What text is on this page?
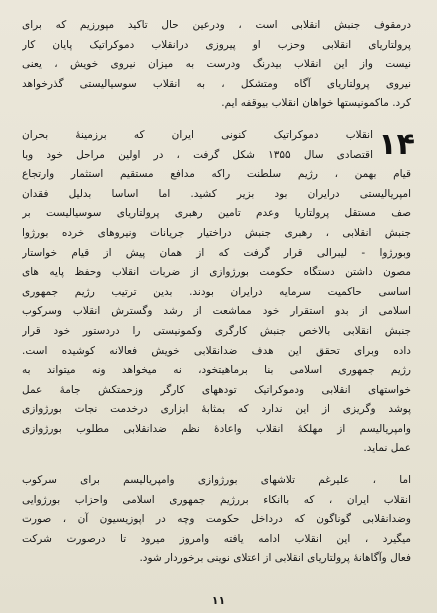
درمقوف جنبش انقلابی است ، ودرعین حال تاکید مپورزیم که برای
پرولتاریای انقلابی وحزب او پیروزی درانقلاب دموکراتیک پایان کار
نیست واز این انقلاب بیدرنگ ودرست به میزان نیروی خویش ، یعنی
نیروی پرولتاریای آگاه ومتشکل ، به انقلاب سوسیالیستی گذرخواهد
کرد. ماکمونیستها خواهان انقلاب بیوقفه ایم.
۱۴
انقلاب دموکراتیک کنونی ایران که برزمینهٔ بحران
اقتصادی سال ۱۳۵۵ شکل گرفت ، در اولین مراحل خود وبا
قیام بهمن ، رژیم سلطنت راکه مدافع مستقیم استثمار وارتجاع
امپریالیستی درایران بود بزیر کشید. اما اساسا بدلیل فقدان
صف مستقل پرولتاریا وعدم تامین رهبری پرولتاریای سوسیالیست بر
جنبش انقلابی ، رهبری جنبش دراختیار جریانات ونیروهای خرده بورژوا
وبورژوا - لیبرالی قرار گرفت که از همان پیش از قیام خواستار
مصون داشتن دستگاه حکومت بورژوازی از ضربات انقلاب وحفظ پایه های
اساسی حاکمیت سرمایه درایران بودند. بدین ترتیب رژیم جمهوری
اسلامی از بدو استقرار خود مماشعت از رشد وگسترش انقلاب وسرکوب
جنبش انقلابی بالاخص جنبش کارگری وکمونیستی را دردستور خود قرار
داده وبرای تحقق این هدف ضدانقلابی خویش فعالانه کوشیده است.
رژیم جمهوری اسلامی بنا برماهیتخود، نه میخواهد ونه میتواند به
خواستهای انقلابی ودموکراتیک تودههای کارگر وزحمتکش جامهٔ عمل
پوشد وگریزی از این ندارد که بمثابهٔ ابزاری درخدمت نجات بورژوازی
وامپریالیسم از مهلکهٔ انقلاب واعادهٔ نظم ضدانقلابی مطلوب بورژوازی
عمل نماید.
اما ، علیرغم تلاشهای بورژوازی وامپریالیسم برای سرکوب
انقلاب ایران ، که باانکاء بررژیم جمهوری اسلامی واحزاب بورژوایی
وضدانقلابی گوناگون که درداخل حکومت وچه در اپوزیسیون آن ، صورت
میگیرد ، این انقلاب ادامه یافته وامروز میرود تا درصورت شرکت
فعال وآگاهانهٔ پرولتاریای انقلابی از اعتلای نوینی برخوردار شود.
۱۱
